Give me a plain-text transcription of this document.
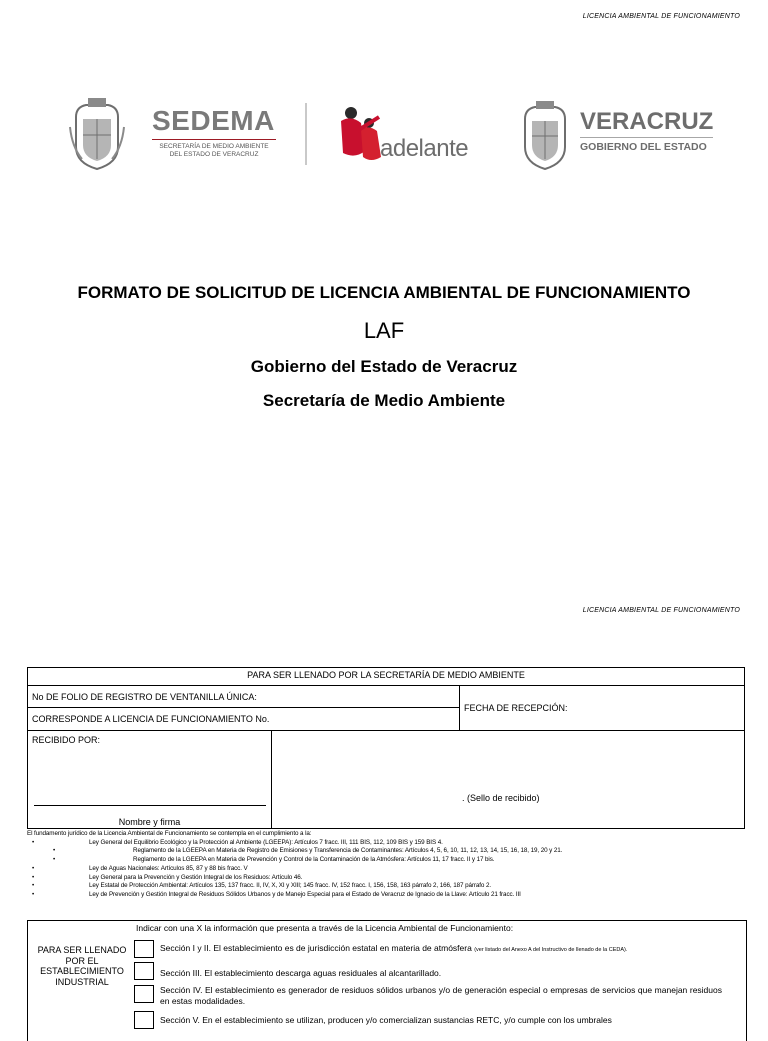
LICENCIA AMBIENTAL DE FUNCIONAMIENTO
SEDEMA
SECRETARÍA DE MEDIO AMBIENTE
DEL ESTADO DE VERACRUZ	adelante
VERACRUZ
GOBIERNO DEL ESTADO
FORMATO DE SOLICITUD DE LICENCIA AMBIENTAL DE FUNCIONAMIENTO
LAF
Gobierno del Estado de Veracruz
Secretaría de Medio Ambiente
LICENCIA AMBIENTAL DE FUNCIONAMIENTO
PARA SER LLENADO POR LA SECRETARÍA DE MEDIO AMBIENTE
No DE FOLIO DE REGISTRO DE VENTANILLA ÚNICA:	FECHA DE RECEPCIÓN:
CORRESPONDE A LICENCIA DE FUNCIONAMIENTO No.

RECIBIDO POR:
Nombre y firma
. (Sello de recibido)
El fundamento jurídico de la Licencia Ambiental de Funcionamiento se contempla en el cumplimiento a la:
•	Ley General del Equilibrio Ecológico y la Protección al Ambiente (LGEEPA): Artículos 7 fracc. III, 111 BIS, 112, 109 BIS y 159 BIS 4.
•	Reglamento de la LGEEPA en Materia de Registro de Emisiones y Transferencia de Contaminantes: Artículos 4, 5, 6, 10, 11, 12, 13, 14, 15, 16, 18, 19, 20 y 21.
•	Reglamento de la LGEEPA en Materia de Prevención y Control de la Contaminación de la Atmósfera: Artículos 11, 17 fracc. II y 17 bis.
•	Ley de Aguas Nacionales: Artículos 85, 87 y 88 bis fracc. V
•	Ley General para la Prevención y Gestión Integral de los Residuos: Artículo 46.
•	Ley Estatal de Protección Ambiental: Artículos 135, 137 fracc. II, IV, X, XI y XIII; 145 fracc. IV, 152 fracc. I, 156, 158, 163 párrafo 2, 166, 187 párrafo 2.
•	Ley de Prevención y Gestión Integral de Residuos Sólidos Urbanos y de Manejo Especial para el Estado de Veracruz de Ignacio de la Llave: Artículo 21 fracc. III
Indicar con una X la información que presenta a través de la Licencia Ambiental de Funcionamiento:
PARA SER LLENADO POR EL ESTABLECIMIENTO INDUSTRIAL
Sección I y II. El establecimiento es de jurisdicción estatal en materia de atmósfera (ver listado del Anexo A del Instructivo de llenado de la CEDA).
Sección III. El establecimiento descarga aguas residuales al alcantarillado.
Sección IV. El establecimiento es generador de residuos sólidos urbanos y/o de generación especial o empresas de servicios que manejan residuos en estas modalidades.
Sección V. En el establecimiento se utilizan, producen y/o comercializan sustancias RETC, y/o cumple con los umbrales
